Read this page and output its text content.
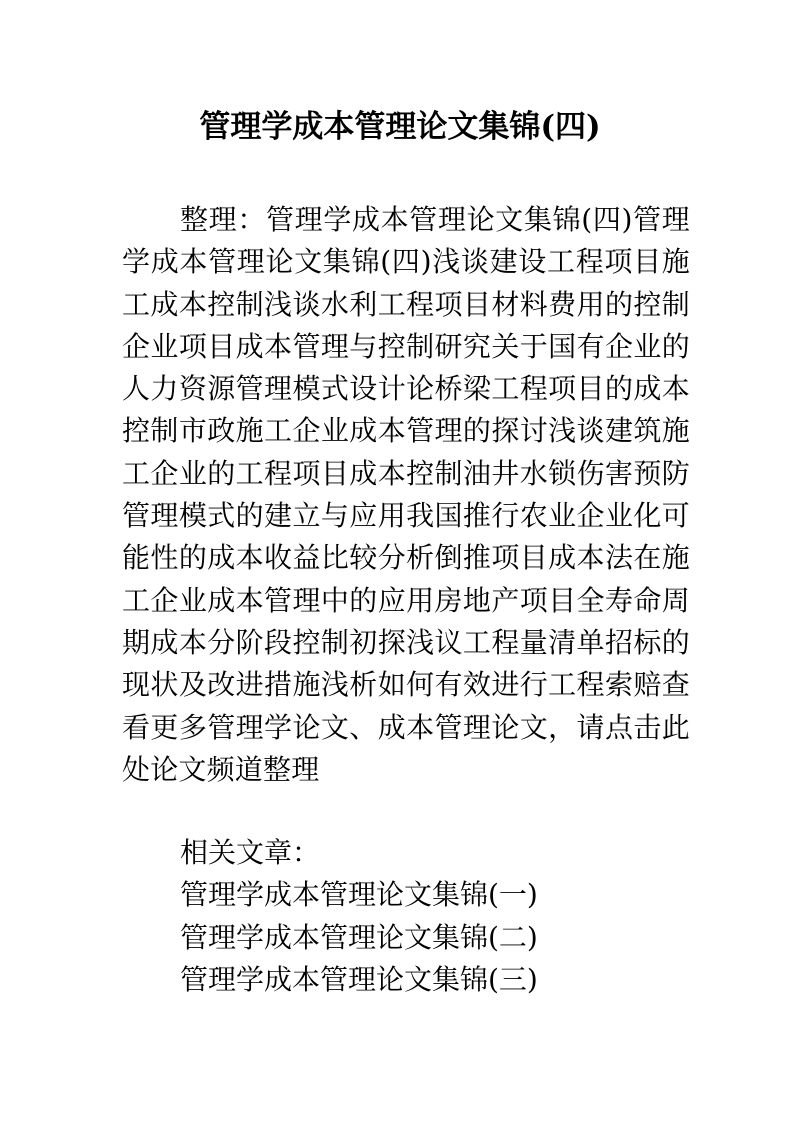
管理学成本管理论文集锦(四)

整理：管理学成本管理论文集锦(四)管理学成本管理论文集锦(四)浅谈建设工程项目施工成本控制浅谈水利工程项目材料费用的控制企业项目成本管理与控制研究关于国有企业的人力资源管理模式设计论桥梁工程项目的成本控制市政施工企业成本管理的探讨浅谈建筑施工企业的工程项目成本控制油井水锁伤害预防管理模式的建立与应用我国推行农业企业化可能性的成本收益比较分析倒推项目成本法在施工企业成本管理中的应用房地产项目全寿命周期成本分阶段控制初探浅议工程量清单招标的现状及改进措施浅析如何有效进行工程索赔查看更多管理学论文、成本管理论文，请点击此处论文频道整理

相关文章：
管理学成本管理论文集锦(一)
管理学成本管理论文集锦(二)
管理学成本管理论文集锦(三)
